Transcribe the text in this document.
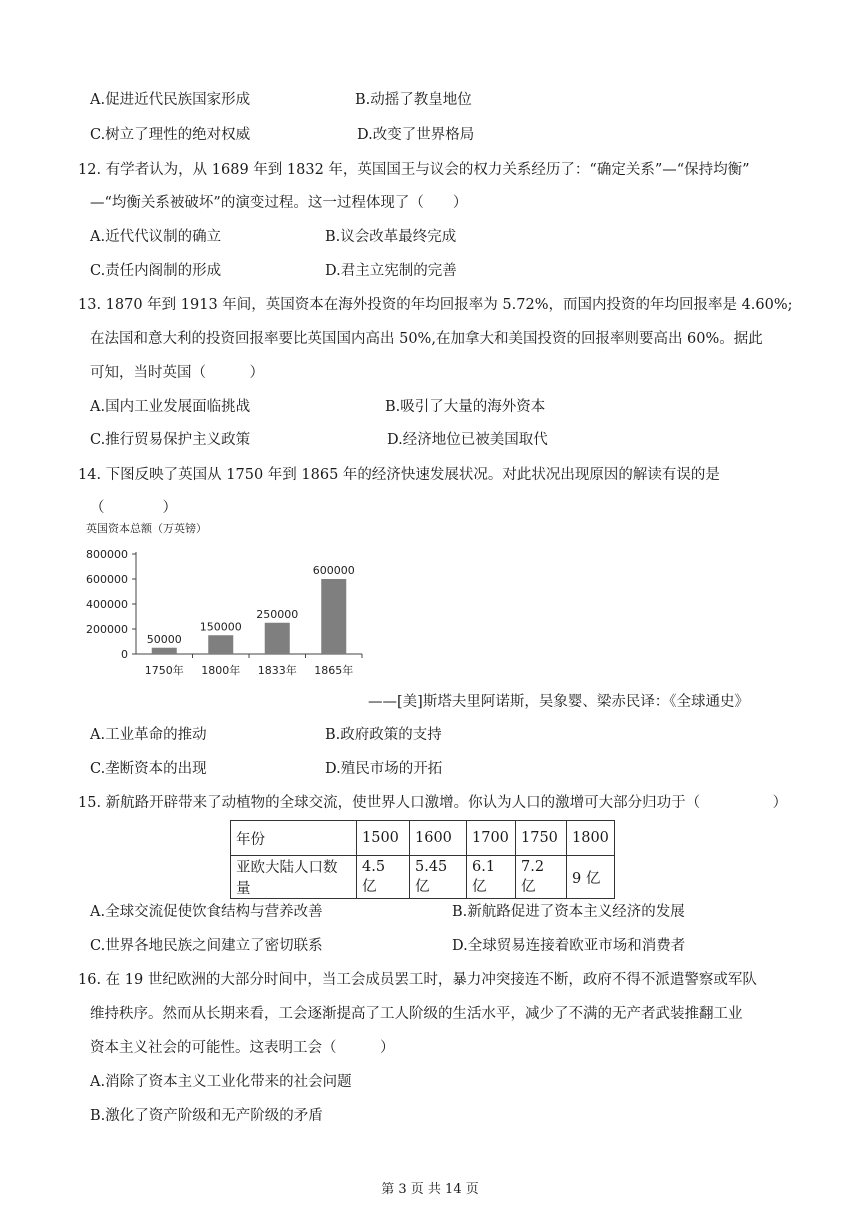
A.促进近代民族国家形成	B.动摇了教皇地位
C.树立了理性的绝对权威	D.改变了世界格局
12. 有学者认为，从 1689 年到 1832 年，英国国王与议会的权力关系经历了：“确定关系”—“保持均衡”
—“均衡关系被破坏”的演变过程。这一过程体现了（　　）
A.近代代议制的确立	B.议会改革最终完成
C.责任内阁制的形成	D.君主立宪制的完善
13. 1870 年到 1913 年间，英国资本在海外投资的年均回报率为 5.72%，而国内投资的年均回报率是 4.60%;
在法国和意大利的投资回报率要比英国国内高出 50%,在加拿大和美国投资的回报率则要高出 60%。据此
可知，当时英国（　　　）
A.国内工业发展面临挑战	B.吸引了大量的海外资本
C.推行贸易保护主义政策	D.经济地位已被美国取代
14. 下图反映了英国从 1750 年到 1865 年的经济快速发展状况。对此状况出现原因的解读有误的是
（　　　　）
英国资本总额（万英镑）
0
200000
400000
600000
800000
50000
1750年
150000
1800年
250000
1833年
600000
1865年
——[美]斯塔夫里阿诺斯，吴象婴、梁赤民译：《全球通史》
A.工业革命的推动	B.政府政策的支持
C.垄断资本的出现	D.殖民市场的开拓
15. 新航路开辟带来了动植物的全球交流，使世界人口激增。你认为人口的激增可大部分归功于（　　　　　）
年份	1500	1600	1700	1750	1800
亚欧大陆人口数量	4.5 亿	5.45 亿	6.1 亿	7.2 亿	9 亿
A.全球交流促使饮食结构与营养改善	B.新航路促进了资本主义经济的发展
C.世界各地民族之间建立了密切联系	D.全球贸易连接着欧亚市场和消费者
16. 在 19 世纪欧洲的大部分时间中，当工会成员罢工时，暴力冲突接连不断，政府不得不派遣警察或军队
维持秩序。然而从长期来看，工会逐渐提高了工人阶级的生活水平，减少了不满的无产者武装推翻工业
资本主义社会的可能性。这表明工会（　　　）
A.消除了资本主义工业化带来的社会问题
B.激化了资产阶级和无产阶级的矛盾
第 3 页 共 14 页
